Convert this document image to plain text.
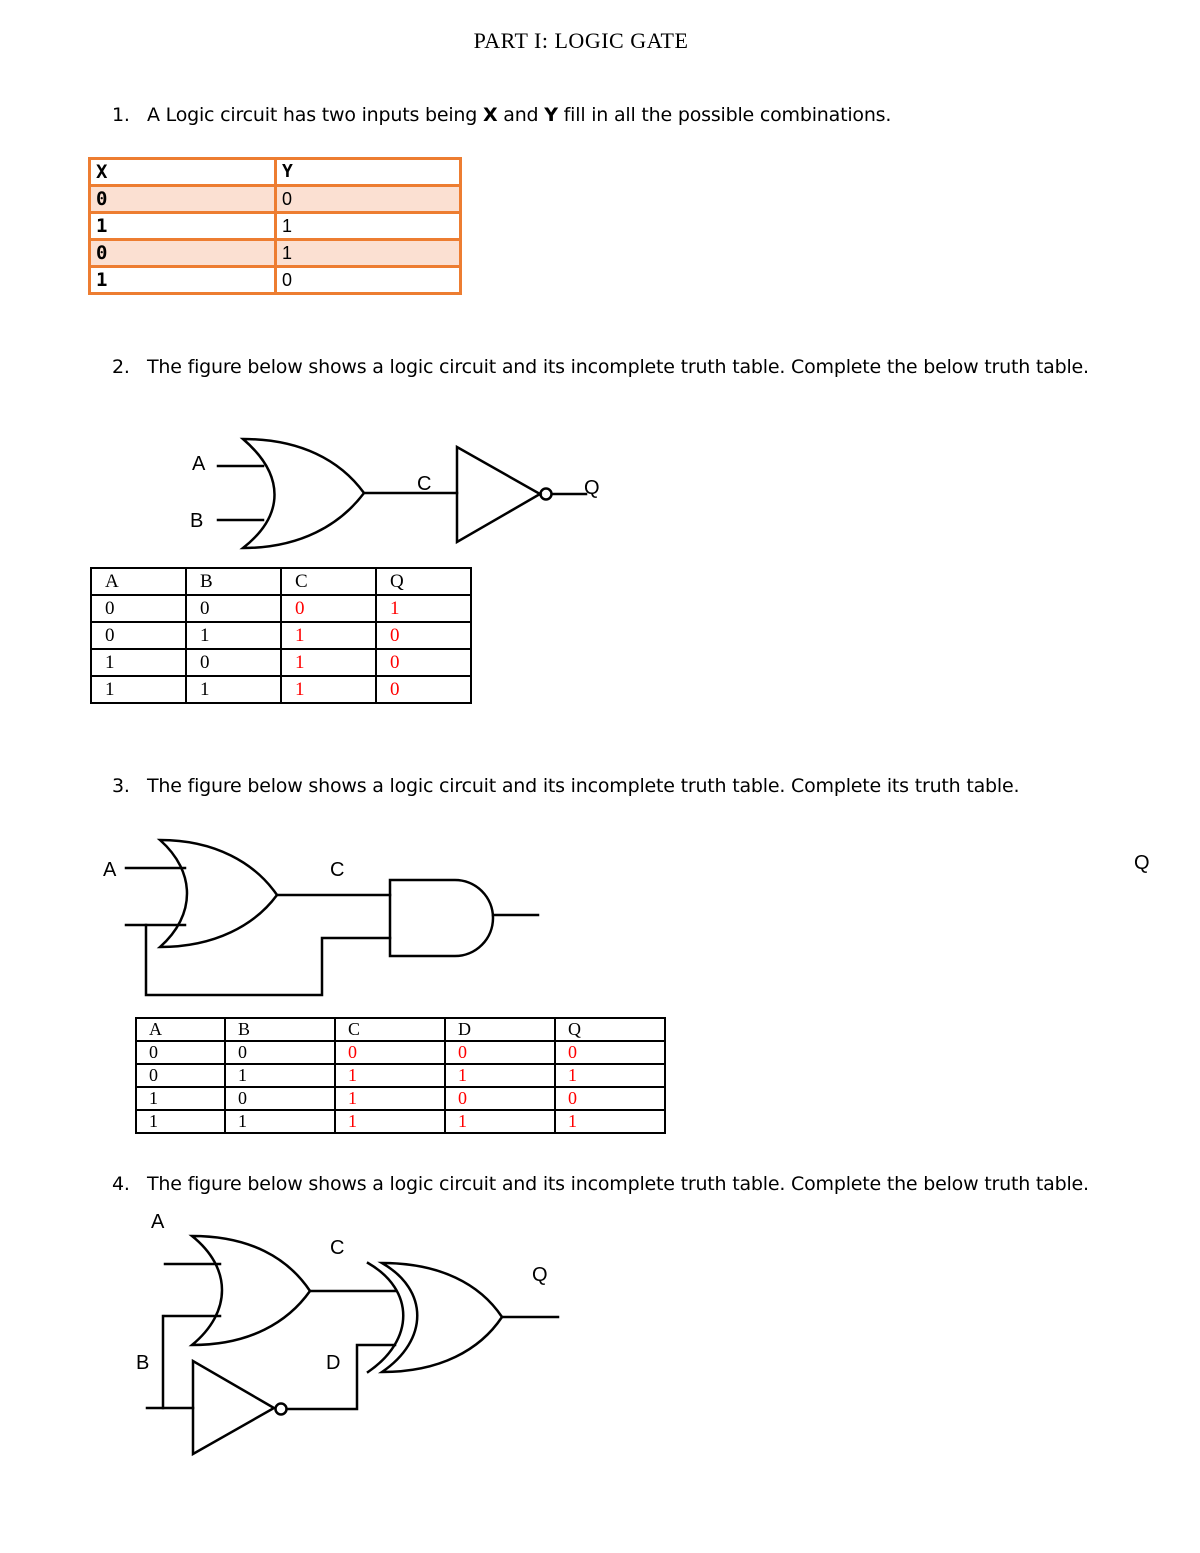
PART I: LOGIC GATE
1. A Logic circuit has two inputs being X and Y fill in all the possible combinations.
X	Y
0	0
1	1
0	1
1	0
2. The figure below shows a logic circuit and its incomplete truth table. Complete the below truth table.
A	B	C	Q
0	0	0	1
0	1	1	0
1	0	1	0
1	1	1	0
3. The figure below shows a logic circuit and its incomplete truth table. Complete its truth table.
A	B	C	D	Q
0	0	0	0	0
0	1	1	1	1
1	0	1	0	0
1	1	1	1	1
4. The figure below shows a logic circuit and its incomplete truth table. Complete the below truth table.
A
B
C	Q
A	C	Q
A
C
Q
B	D
